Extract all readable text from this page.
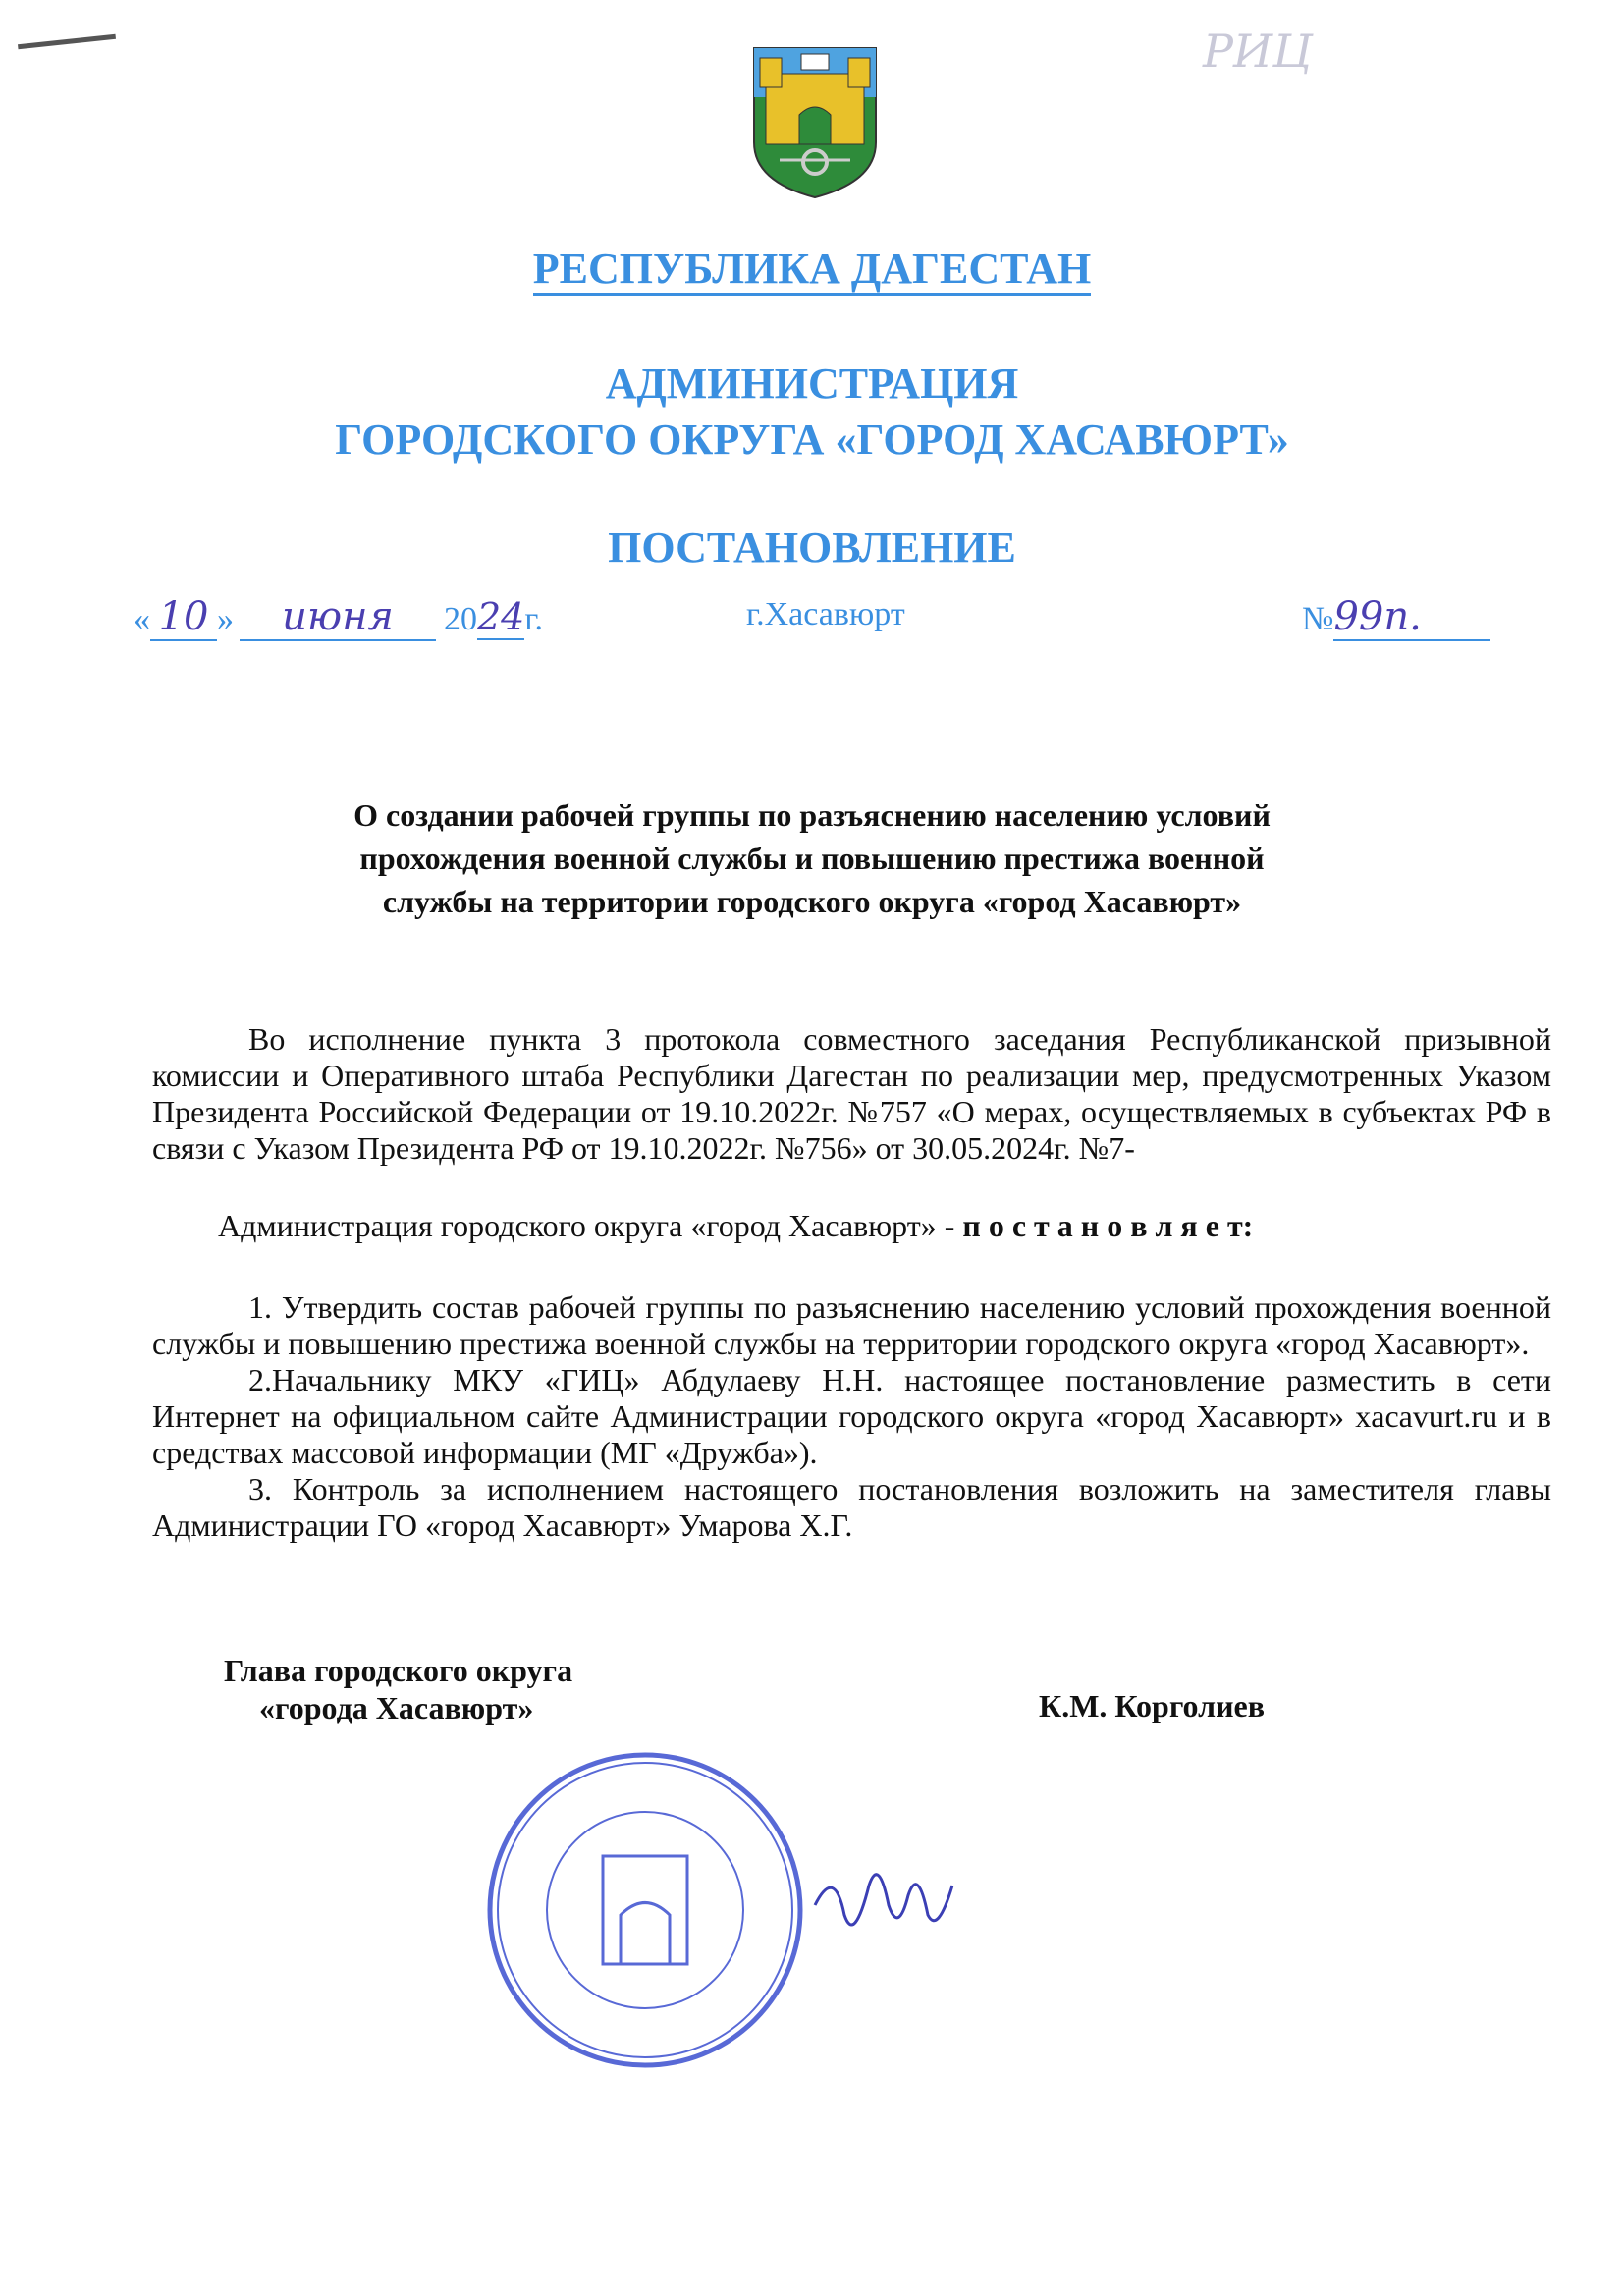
РИЦ
РЕСПУБЛИКА ДАГЕСТАН
АДМИНИСТРАЦИЯ
ГОРОДСКОГО ОКРУГА «ГОРОД ХАСАВЮРТ»
ПОСТАНОВЛЕНИЕ
« 10 » июня 2024г.	г.Хасавюрт	№99п.
О создании рабочей группы по разъяснению населению условий
прохождения военной службы и повышению престижа военной
службы на территории городского округа «город Хасавюрт»

Во исполнение пункта 3 протокола совместного заседания Республиканской призывной комиссии и Оперативного штаба Республики Дагестан по реализации мер, предусмотренных Указом Президента Российской Федерации от 19.10.2022г. №757 «О мерах, осуществляемых в субъектах РФ в связи с Указом Президента РФ от 19.10.2022г. №756» от 30.05.2024г. №7-

Администрация городского округа «город Хасавюрт» - п о с т а н о в л я е т:

1. Утвердить состав рабочей группы по разъяснению населению условий прохождения военной службы и повышению престижа военной службы на территории городского округа «город Хасавюрт».

2.Начальнику МКУ «ГИЦ» Абдулаеву Н.Н. настоящее постановление разместить в сети Интернет на официальном сайте Администрации городского округа «город Хасавюрт» xacavurt.ru и в средствах массовой информации (МГ «Дружба»).

3. Контроль за исполнением настоящего постановления возложить на заместителя главы Администрации ГО «город Хасавюрт» Умарова Х.Г.

Глава городского округа
«города Хасавюрт»	К.М. Корголиев
